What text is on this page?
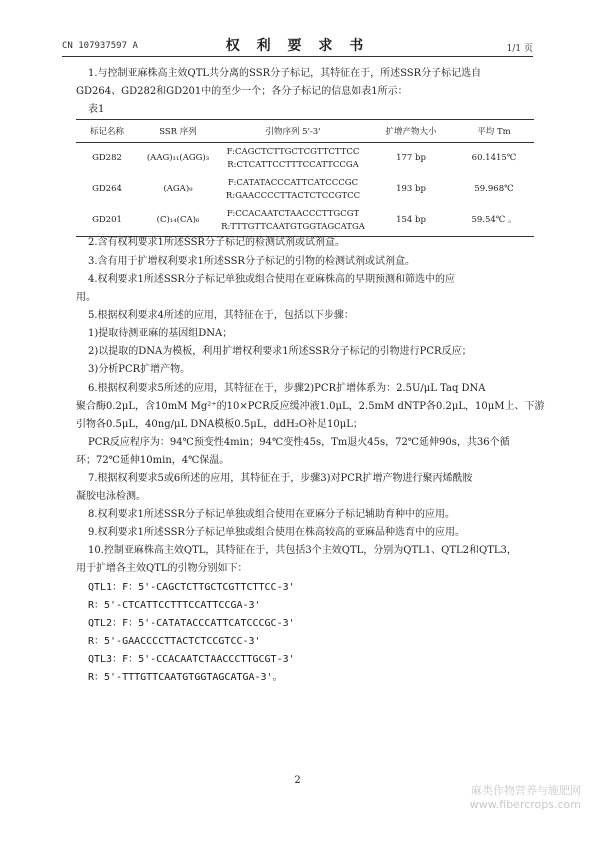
CN 107937597 A	权 利 要 求 书	1/1 页
1.与控制亚麻株高主效QTL共分离的SSR分子标记，其特征在于，所述SSR分子标记选自
GD264、GD282和GD201中的至少一个；各分子标记的信息如表1所示：
表1
标记名称	SSR 序列	引物序列 5'-3'	扩增产物大小	平均 Tm
GD282	(AAG)₁₁(AGG)₃	F:CAGCTCTTGCTCGTTCTTCC
R:CTCATTCCTTTCCATTCCGA	177 bp	60.1415℃
GD264	(AGA)₉	F:CATATACCCATTCATCCCGC
R:GAACCCCTTACTCTCCGTCC	193 bp	59.968℃
GD201	(C)₁₄(CA)₆	F:CCACAATCTAACCCTTGCGT
R:TTTGTTCAATGTGGTAGCATGA	154 bp	59.54℃ 。
2.含有权利要求1所述SSR分子标记的检测试剂或试剂盒。
3.含有用于扩增权利要求1所述SSR分子标记的引物的检测试剂或试剂盒。
4.权利要求1所述SSR分子标记单独或组合使用在亚麻株高的早期预测和筛选中的应
用。
5.根据权利要求4所述的应用，其特征在于，包括以下步骤：
1)提取待测亚麻的基因组DNA；
2)以提取的DNA为模板，利用扩增权利要求1所述SSR分子标记的引物进行PCR反应；
3)分析PCR扩增产物。
6.根据权利要求5所述的应用，其特征在于，步骤2)PCR扩增体系为：2.5U/μL Taq DNA
聚合酶0.2μL，含10mM Mg²⁺的10×PCR反应缓冲液1.0μL，2.5mM dNTP各0.2μL，10μM上、下游
引物各0.5μL，40ng/μL DNA模板0.5μL，ddH₂O补足10μL；
PCR反应程序为：94℃预变性4min；94℃变性45s，Tm退火45s，72℃延伸90s，共36个循
环；72℃延伸10min，4℃保温。
7.根据权利要求5或6所述的应用，其特征在于，步骤3)对PCR扩增产物进行聚丙烯酰胺
凝胶电泳检测。
8.权利要求1所述SSR分子标记单独或组合使用在亚麻分子标记辅助育种中的应用。
9.权利要求1所述SSR分子标记单独或组合使用在株高较高的亚麻品种选育中的应用。
10.控制亚麻株高主效QTL，其特征在于，共包括3个主效QTL，分别为QTL1、QTL2和QTL3，
用于扩增各主效QTL的引物分别如下：
QTL1：F：5'-CAGCTCTTGCTCGTTCTTCC-3'
R：5'-CTCATTCCTTTCCATTCCGA-3'
QTL2：F：5'-CATATACCCATTCATCCCGC-3'
R：5'-GAACCCCTTACTCTCCGTCC-3'
QTL3：F：5'-CCACAATCTAACCCTTGCGT-3'
R：5'-TTTGTTCAATGTGGTAGCATGA-3'。
2
麻类作物营养与施肥网
www.fibercrops.com
